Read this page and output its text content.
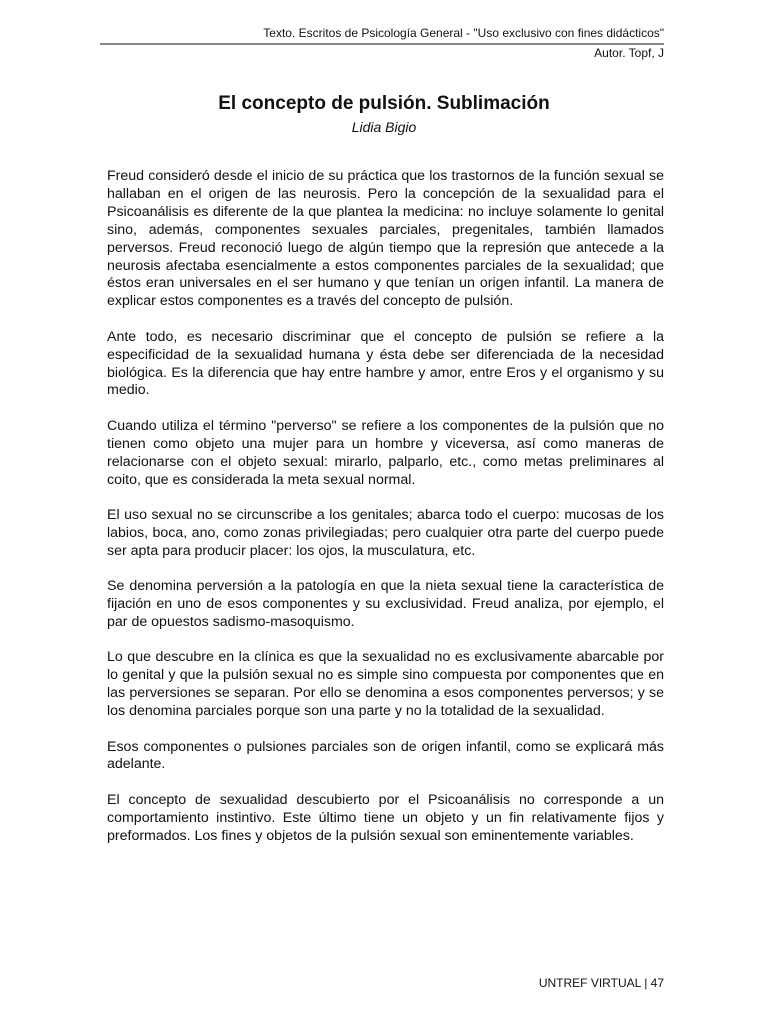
Texto. Escritos de Psicología General - "Uso exclusivo con fines didácticos"
Autor. Topf, J
El concepto de pulsión. Sublimación
Lidia Bigio

Freud consideró desde el inicio de su práctica que los trastornos de la función sexual se hallaban en el origen de las neurosis. Pero la concepción de la sexualidad para el Psicoanálisis es diferente de la que plantea la medicina: no incluye solamente lo genital sino, además, componentes sexuales parciales, pregenitales, también llamados perversos. Freud reconoció luego de algún tiempo que la represión que antecede a la neurosis afectaba esencialmente a estos componentes parciales de la sexualidad; que éstos eran universales en el ser humano y que tenían un origen infantil. La manera de explicar estos componentes es a través del concepto de pulsión.

Ante todo, es necesario discriminar que el concepto de pulsión se refiere a la especificidad de la sexualidad humana y ésta debe ser diferenciada de la necesidad biológica. Es la diferencia que hay entre hambre y amor, entre Eros y el organismo y su medio.

Cuando utiliza el término "perverso" se refiere a los componentes de la pulsión que no tienen como objeto una mujer para un hombre y viceversa, así como maneras de relacionarse con el objeto sexual: mirarlo, palparlo, etc., como metas preliminares al coito, que es considerada la meta sexual normal.

El uso sexual no se circunscribe a los genitales; abarca todo el cuerpo: mucosas de los labios, boca, ano, como zonas privilegiadas; pero cualquier otra parte del cuerpo puede ser apta para producir placer: los ojos, la musculatura, etc.

Se denomina perversión a la patología en que la nieta sexual tiene la característica de fijación en uno de esos componentes y su exclusividad. Freud analiza, por ejemplo, el par de opuestos sadismo-masoquismo.

Lo que descubre en la clínica es que la sexualidad no es exclusivamente abarcable por lo genital y que la pulsión sexual no es simple sino compuesta por componentes que en las perversiones se separan. Por ello se denomina a esos componentes perversos; y se los denomina parciales porque son una parte y no la totalidad de la sexualidad.

Esos componentes o pulsiones parciales son de origen infantil, como se explicará más adelante.

El concepto de sexualidad descubierto por el Psicoanálisis no corresponde a un comportamiento instintivo. Este último tiene un objeto y un fin relativamente fijos y preformados. Los fines y objetos de la pulsión sexual son eminentemente variables.

UNTREF VIRTUAL | 47
